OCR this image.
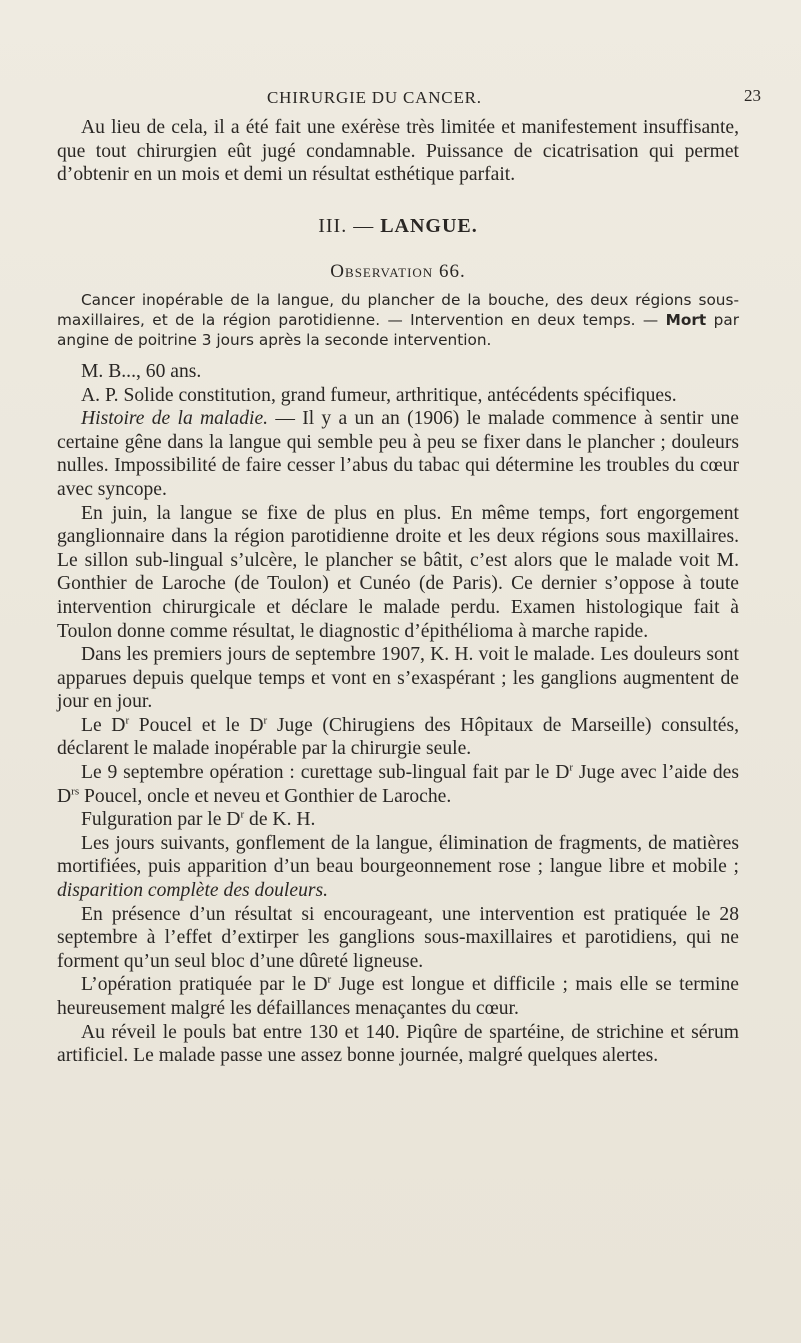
CHIRURGIE DU CANCER.	23

Au lieu de cela, il a été fait une exérèse très limitée et manifestement insuffisante, que tout chirurgien eût jugé condamnable. Puissance de cicatrisation qui permet d’obtenir en un mois et demi un résultat esthétique parfait.

III. — LANGUE.
Observation 66.

Cancer inopérable de la langue, du plancher de la bouche, des deux régions sous-maxillaires, et de la région parotidienne. — Intervention en deux temps. — Mort par angine de poitrine 3 jours après la seconde intervention.

M. B..., 60 ans.

A. P. Solide constitution, grand fumeur, arthritique, antécédents spécifiques.

Histoire de la maladie. — Il y a un an (1906) le malade commence à sentir une certaine gêne dans la langue qui semble peu à peu se fixer dans le plancher ; douleurs nulles. Impossibilité de faire cesser l’abus du tabac qui détermine les troubles du cœur avec syncope.

En juin, la langue se fixe de plus en plus. En même temps, fort engorgement ganglionnaire dans la région parotidienne droite et les deux régions sous maxillaires. Le sillon sub-lingual s’ulcère, le plancher se bâtit, c’est alors que le malade voit M. Gonthier de Laroche (de Toulon) et Cunéo (de Paris). Ce dernier s’oppose à toute intervention chirurgicale et déclare le malade perdu. Examen histologique fait à Toulon donne comme résultat, le diagnostic d’épithélioma à marche rapide.

Dans les premiers jours de septembre 1907, K. H. voit le malade. Les douleurs sont apparues depuis quelque temps et vont en s’exaspérant ; les ganglions augmentent de jour en jour.

Le $D^r$ Poucel et le $D^r$ Juge (Chirugiens des Hôpitaux de Marseille) consultés, déclarent le malade inopérable par la chirurgie seule.

Le 9 septembre opération : curettage sub-lingual fait par le $D^r$ Juge avec l’aide des $D^{rs}$ Poucel, oncle et neveu et Gonthier de Laroche.

Fulguration par le $D^r$ de K. H.

Les jours suivants, gonflement de la langue, élimination de fragments, de matières mortifiées, puis apparition d’un beau bourgeonnement rose ; langue libre et mobile ; disparition complète des douleurs.

En présence d’un résultat si encourageant, une intervention est pratiquée le 28 septembre à l’effet d’extirper les ganglions sous-maxillaires et parotidiens, qui ne forment qu’un seul bloc d’une dûreté ligneuse.

L’opération pratiquée par le $D^r$ Juge est longue et difficile ; mais elle se termine heureusement malgré les défaillances menaçantes du cœur.

Au réveil le pouls bat entre 130 et 140. Piqûre de spartéine, de strichine et sérum artificiel. Le malade passe une assez bonne journée, malgré quelques alertes.
